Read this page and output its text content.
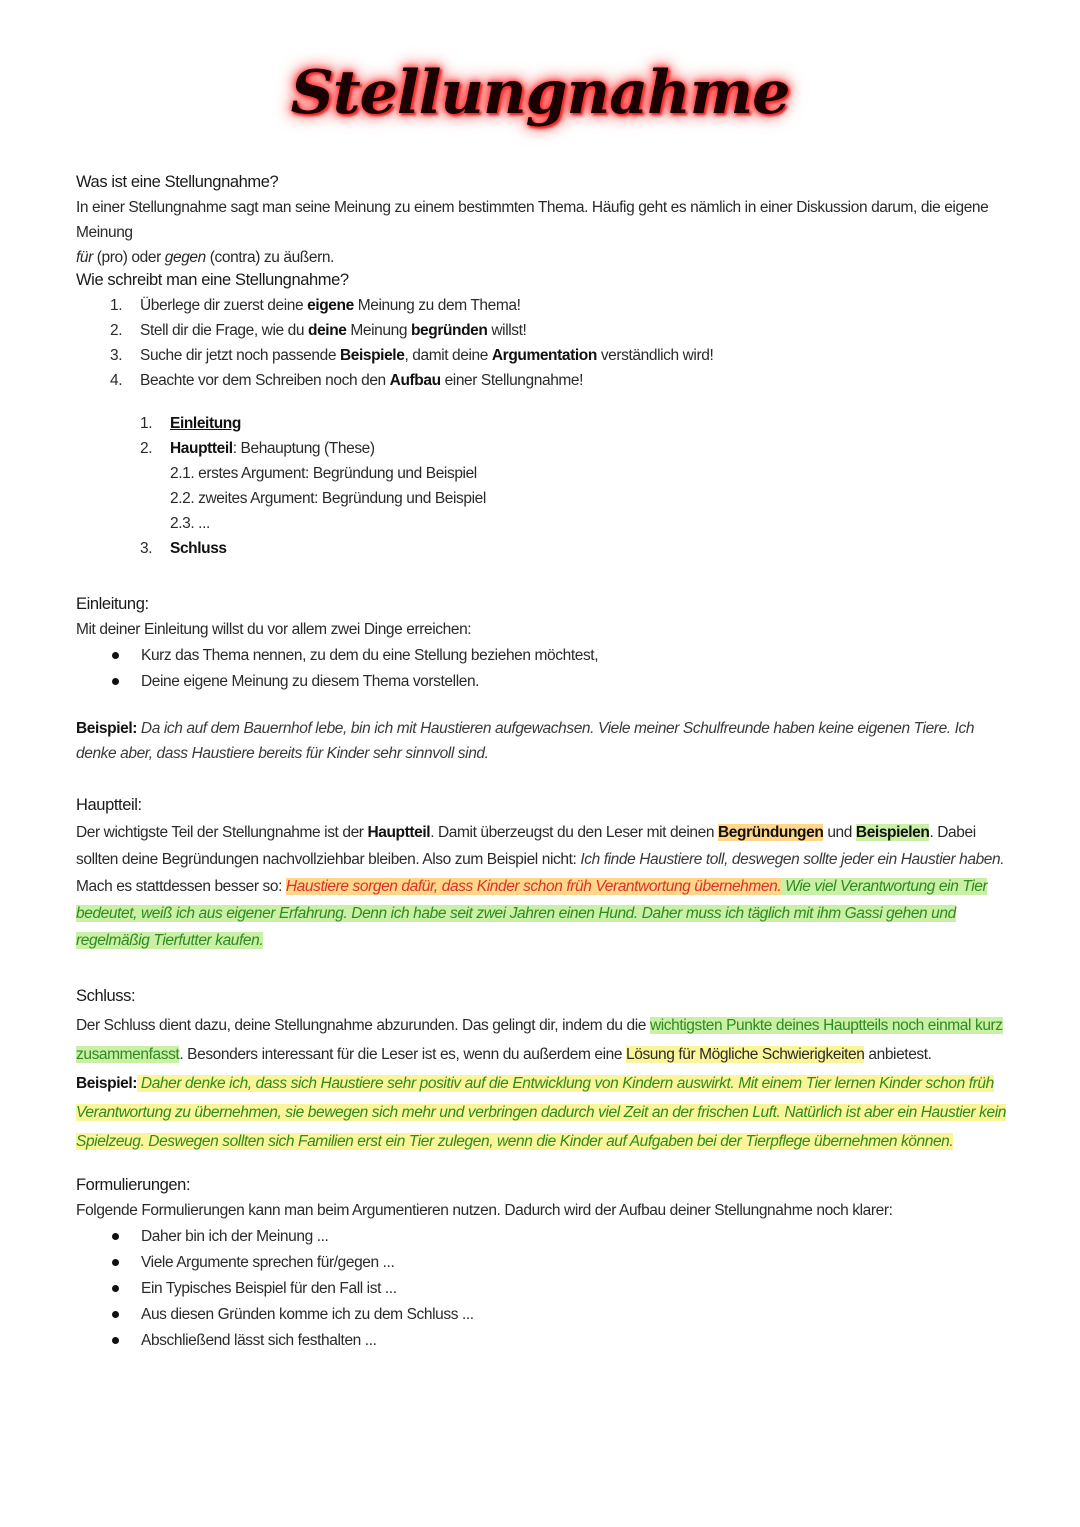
Stellungnahme

Was ist eine Stellungnahme?

In einer Stellungnahme sagt man seine Meinung zu einem bestimmten Thema. Häufig geht es nämlich in einer Diskussion darum, die eigene Meinung
für (pro) oder gegen (contra) zu äußern.

Wie schreibt man eine Stellungnahme?

1.	Überlege dir zuerst deine eigene Meinung zu dem Thema!
2.	Stell dir die Frage, wie du deine Meinung begründen willst!
3.	Suche dir jetzt noch passende Beispiele, damit deine Argumentation verständlich wird!
4.	Beachte vor dem Schreiben noch den Aufbau einer Stellungnahme!
1.	Einleitung
2.	Hauptteil: Behauptung (These)
2.1. erstes Argument: Begründung und Beispiel
2.2. zweites Argument: Begründung und Beispiel
2.3. ...
3.	Schluss

Einleitung:

Mit deiner Einleitung willst du vor allem zwei Dinge erreichen:

Kurz das Thema nennen, zu dem du eine Stellung beziehen möchtest,
Deine eigene Meinung zu diesem Thema vorstellen.

Beispiel: Da ich auf dem Bauernhof lebe, bin ich mit Haustieren aufgewachsen. Viele meiner Schulfreunde haben keine eigenen Tiere. Ich denke aber, dass Haustiere bereits für Kinder sehr sinnvoll sind.

Hauptteil:

Der wichtigste Teil der Stellungnahme ist der Hauptteil. Damit überzeugst du den Leser mit deinen Begründungen und Beispielen. Dabei sollten deine Begründungen nachvollziehbar bleiben. Also zum Beispiel nicht: Ich finde Haustiere toll, deswegen sollte jeder ein Haustier haben.

Mach es stattdessen besser so: Haustiere sorgen dafür, dass Kinder schon früh Verantwortung übernehmen. Wie viel Verantwortung ein Tier bedeutet, weiß ich aus eigener Erfahrung. Denn ich habe seit zwei Jahren einen Hund. Daher muss ich täglich mit ihm Gassi gehen und regelmäßig Tierfutter kaufen.

Schluss:

Der Schluss dient dazu, deine Stellungnahme abzurunden. Das gelingt dir, indem du die wichtigsten Punkte deines Hauptteils noch einmal kurz zusammenfasst. Besonders interessant für die Leser ist es, wenn du außerdem eine Lösung für Mögliche Schwierigkeiten anbietest.

Beispiel: Daher denke ich, dass sich Haustiere sehr positiv auf die Entwicklung von Kindern auswirkt. Mit einem Tier lernen Kinder schon früh Verantwortung zu übernehmen, sie bewegen sich mehr und verbringen dadurch viel Zeit an der frischen Luft. Natürlich ist aber ein Haustier kein Spielzeug. Deswegen sollten sich Familien erst ein Tier zulegen, wenn die Kinder auf Aufgaben bei der Tierpflege übernehmen können.

Formulierungen:

Folgende Formulierungen kann man beim Argumentieren nutzen. Dadurch wird der Aufbau deiner Stellungnahme noch klarer:

Daher bin ich der Meinung ...
Viele Argumente sprechen für/gegen ...
Ein Typisches Beispiel für den Fall ist ...
Aus diesen Gründen komme ich zu dem Schluss ...
Abschließend lässt sich festhalten ...
